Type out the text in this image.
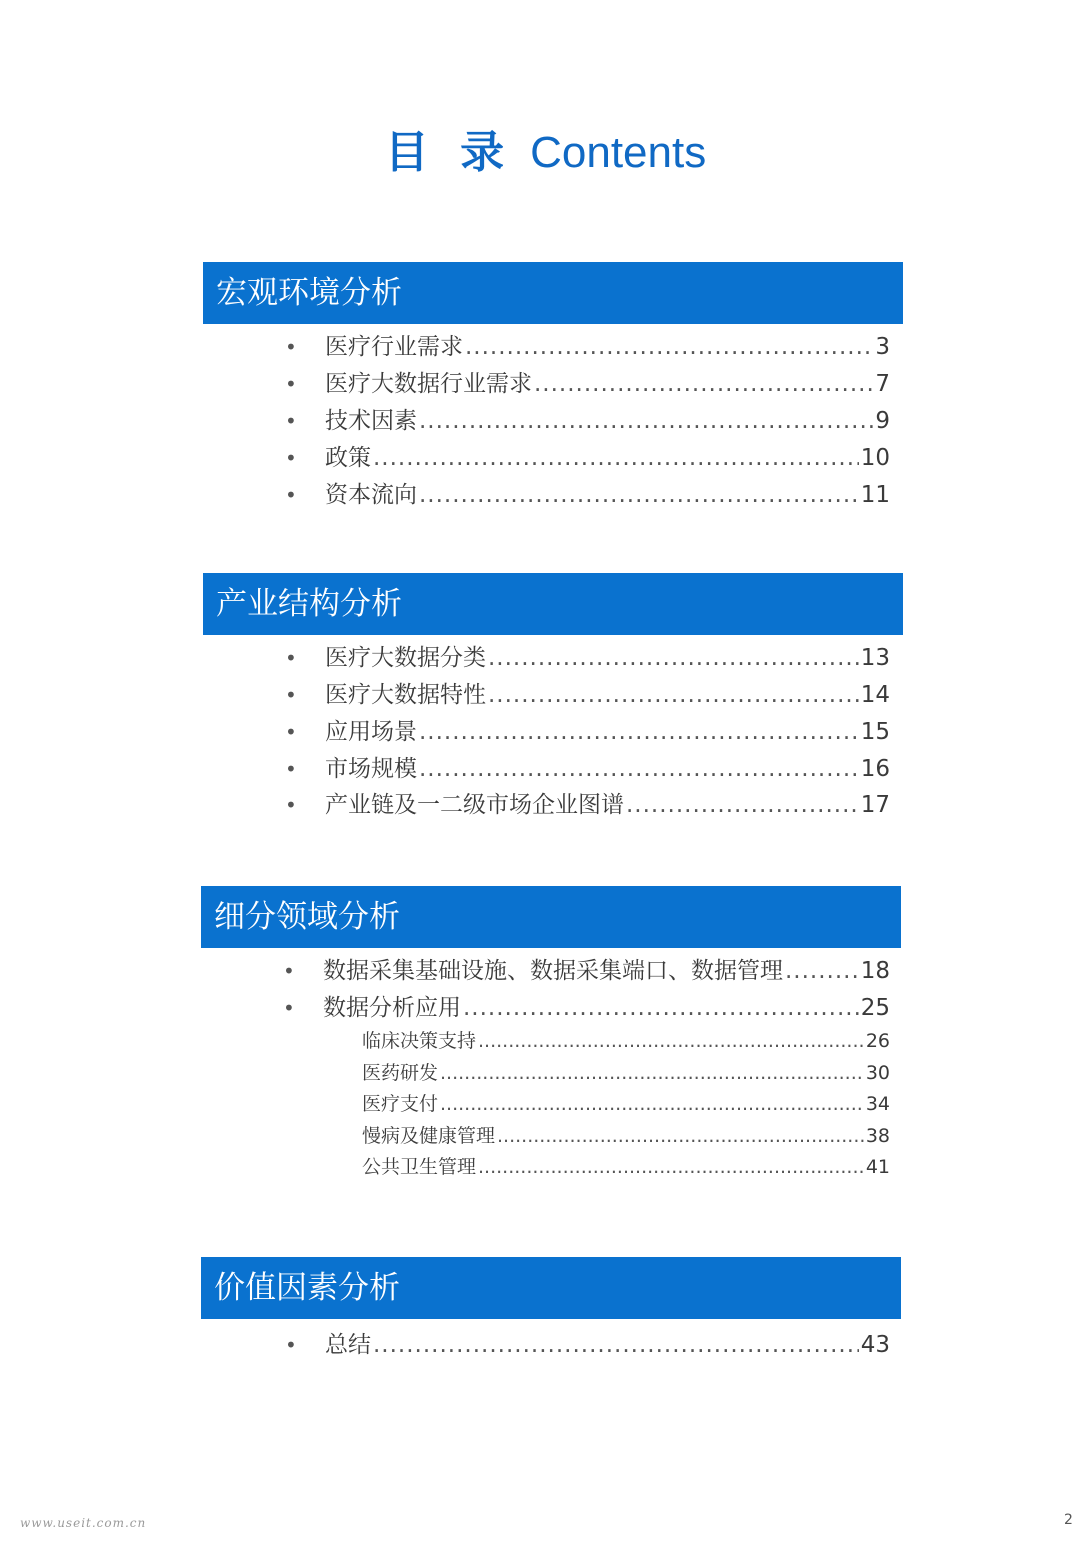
目 录 Contents
宏观环境分析
•	医疗行业需求 .....	3
•	医疗大数据行业需求 .....	7
•	技术因素 .....	9
•	政策 .....	10
•	资本流向 .....	11
产业结构分析
•	医疗大数据分类 .....	13
•	医疗大数据特性 .....	14
•	应用场景 .....	15
•	市场规模 .....	16
•	产业链及一二级市场企业图谱 .....	17
细分领域分析
•	数据采集基础设施、数据采集端口、数据管理 .....	18
•	数据分析应用 .....	25
临床决策支持 .....	26
医药研发 .....	30
医疗支付 .....	34
慢病及健康管理 .....	38
公共卫生管理 .....	41
价值因素分析
•	总结 .....	43
www.useit.com.cn	2
